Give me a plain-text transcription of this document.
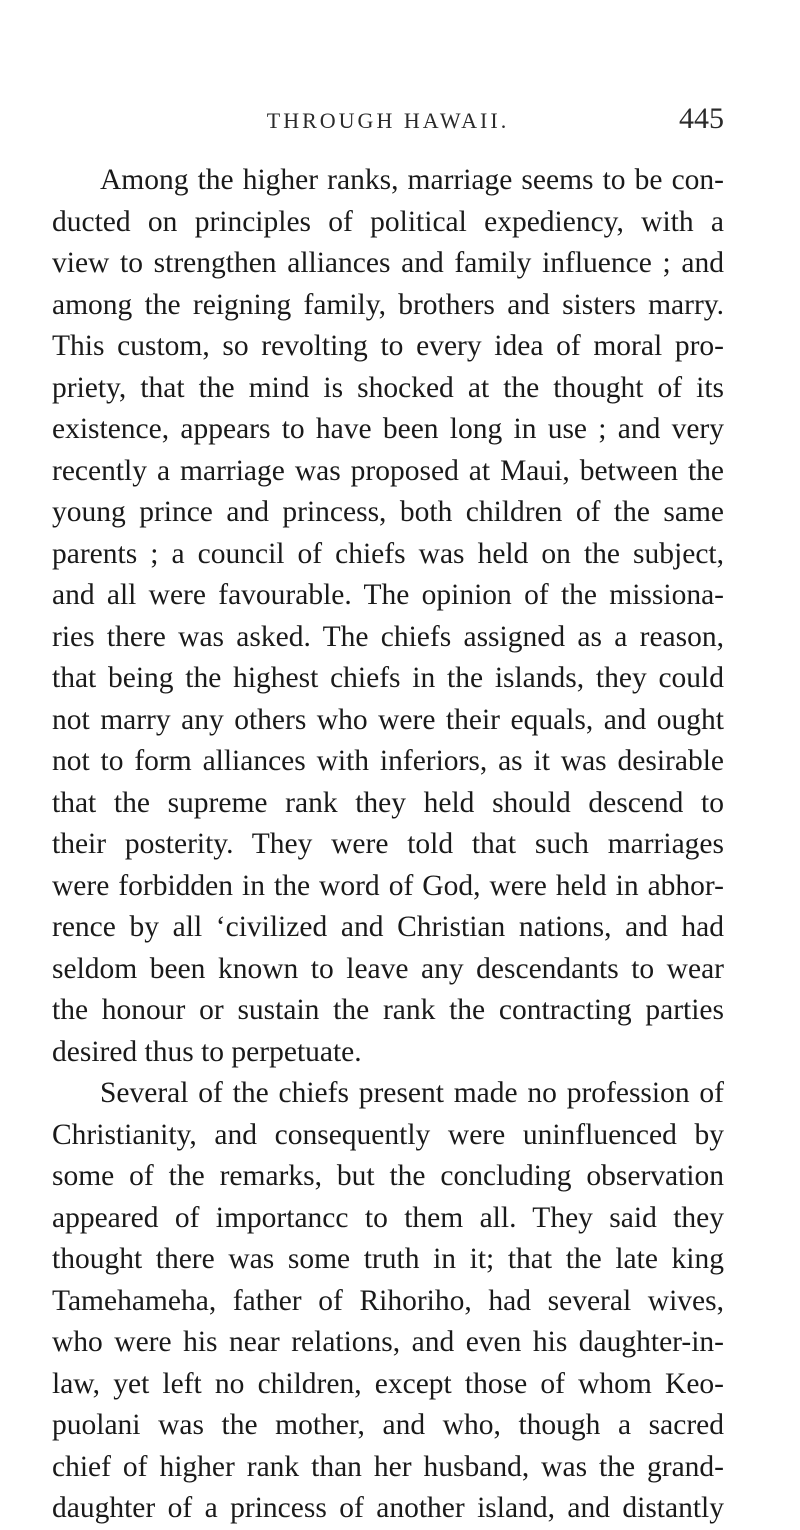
THROUGH HAWAII.	445
Among the higher ranks, marriage seems to be con-
ducted on principles of political expediency, with a
view to strengthen alliances and family influence ; and
among the reigning family, brothers and sisters marry.
This custom, so revolting to every idea of moral pro-
priety, that the mind is shocked at the thought of its
existence, appears to have been long in use ; and very
recently a marriage was proposed at Maui, between the
young prince and princess, both children of the same
parents ; a council of chiefs was held on the subject,
and all were favourable. The opinion of the missiona-
ries there was asked. The chiefs assigned as a reason,
that being the highest chiefs in the islands, they could
not marry any others who were their equals, and ought
not to form alliances with inferiors, as it was desirable
that the supreme rank they held should descend to
their posterity. They were told that such marriages
were forbidden in the word of God, were held in abhor-
rence by all ‘civilized and Christian nations, and had
seldom been known to leave any descendants to wear
the honour or sustain the rank the contracting parties
desired thus to perpetuate.
Several of the chiefs present made no profession of
Christianity, and consequently were uninfluenced by
some of the remarks, but the concluding observation
appeared of importancc to them all. They said they
thought there was some truth in it; that the late king
Tamehameha, father of Rihoriho, had several wives,
who were his near relations, and even his daughter-in-
law, yet left no children, except those of whom Keo-
puolani was the mother, and who, though a sacred
chief of higher rank than her husband, was the grand-
daughter of a princess of another island, and distantly
